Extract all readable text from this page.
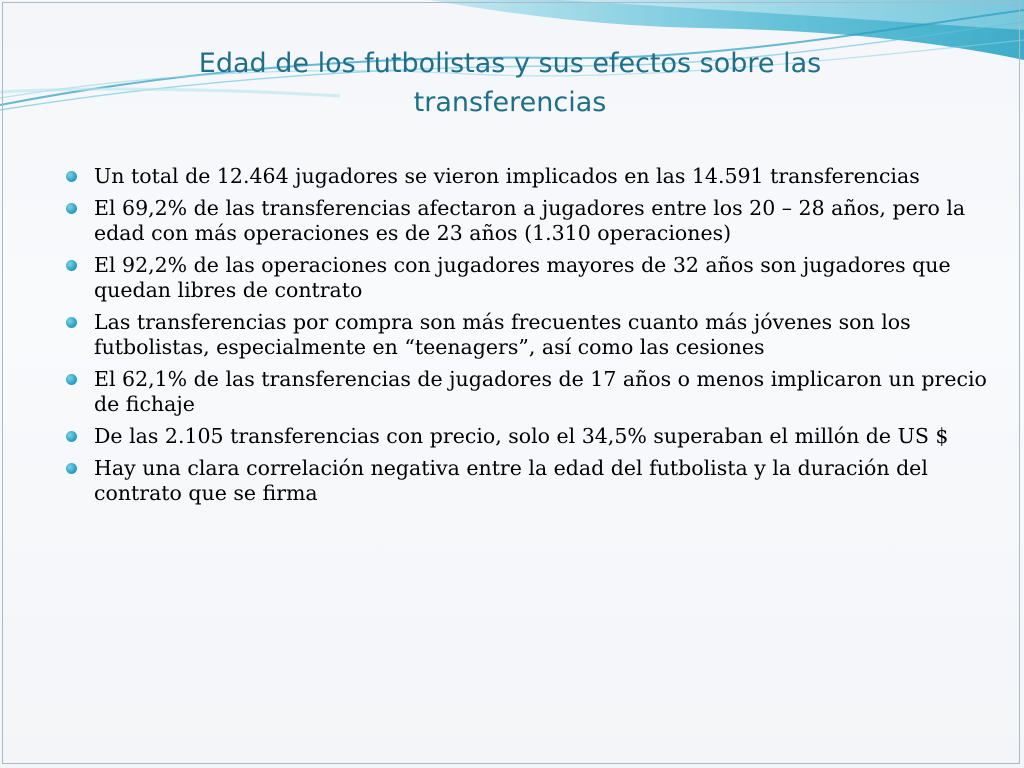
Edad de los futbolistas y sus efectos sobre las transferencias
Un total de 12.464 jugadores se vieron implicados en las 14.591 transferencias
El 69,2% de las transferencias afectaron a jugadores entre los 20 – 28 años, pero la edad con más operaciones es de 23 años (1.310 operaciones)
El 92,2% de las operaciones con jugadores mayores de 32 años son jugadores que quedan libres de contrato
Las transferencias por compra son más frecuentes cuanto más jóvenes son los futbolistas, especialmente en “teenagers”, así como las cesiones
El 62,1% de las transferencias de jugadores de 17 años o menos implicaron un precio de fichaje
De las 2.105 transferencias con precio, solo el 34,5% superaban el millón de US $
Hay una clara correlación negativa entre la edad del futbolista y la duración del contrato que se firma
